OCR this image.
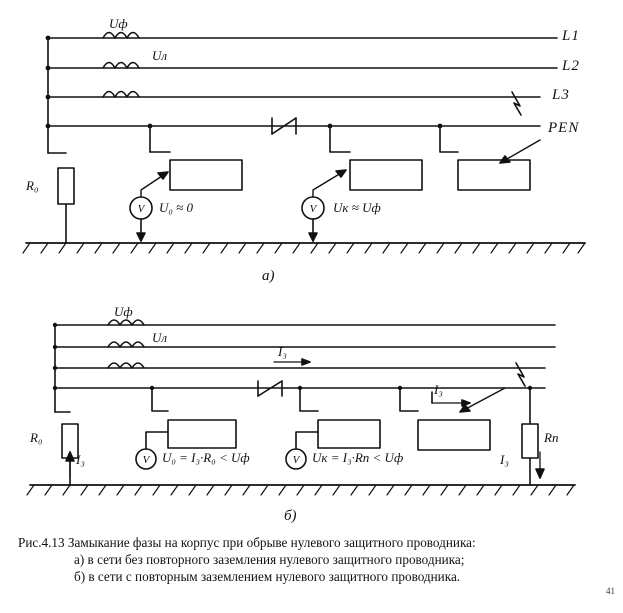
V	V
V	V
L1
L2
L3
PEN
Uф
Uл
R₀
U₀ ≈ 0	Uк ≈ Uф
а)
Uф
Uл
R₀	Rп
I₃
I₃
I₃	I₃
U₀ = I₃·R₀ < Uф	Uк = I₃·Rп < Uф
б)
Рис.4.13 Замыкание фазы на корпус при обрыве нулевого защитного проводника:
а) в сети без повторного заземления нулевого защитного проводника;
б) в сети с повторным заземлением нулевого защитного проводника.
41
